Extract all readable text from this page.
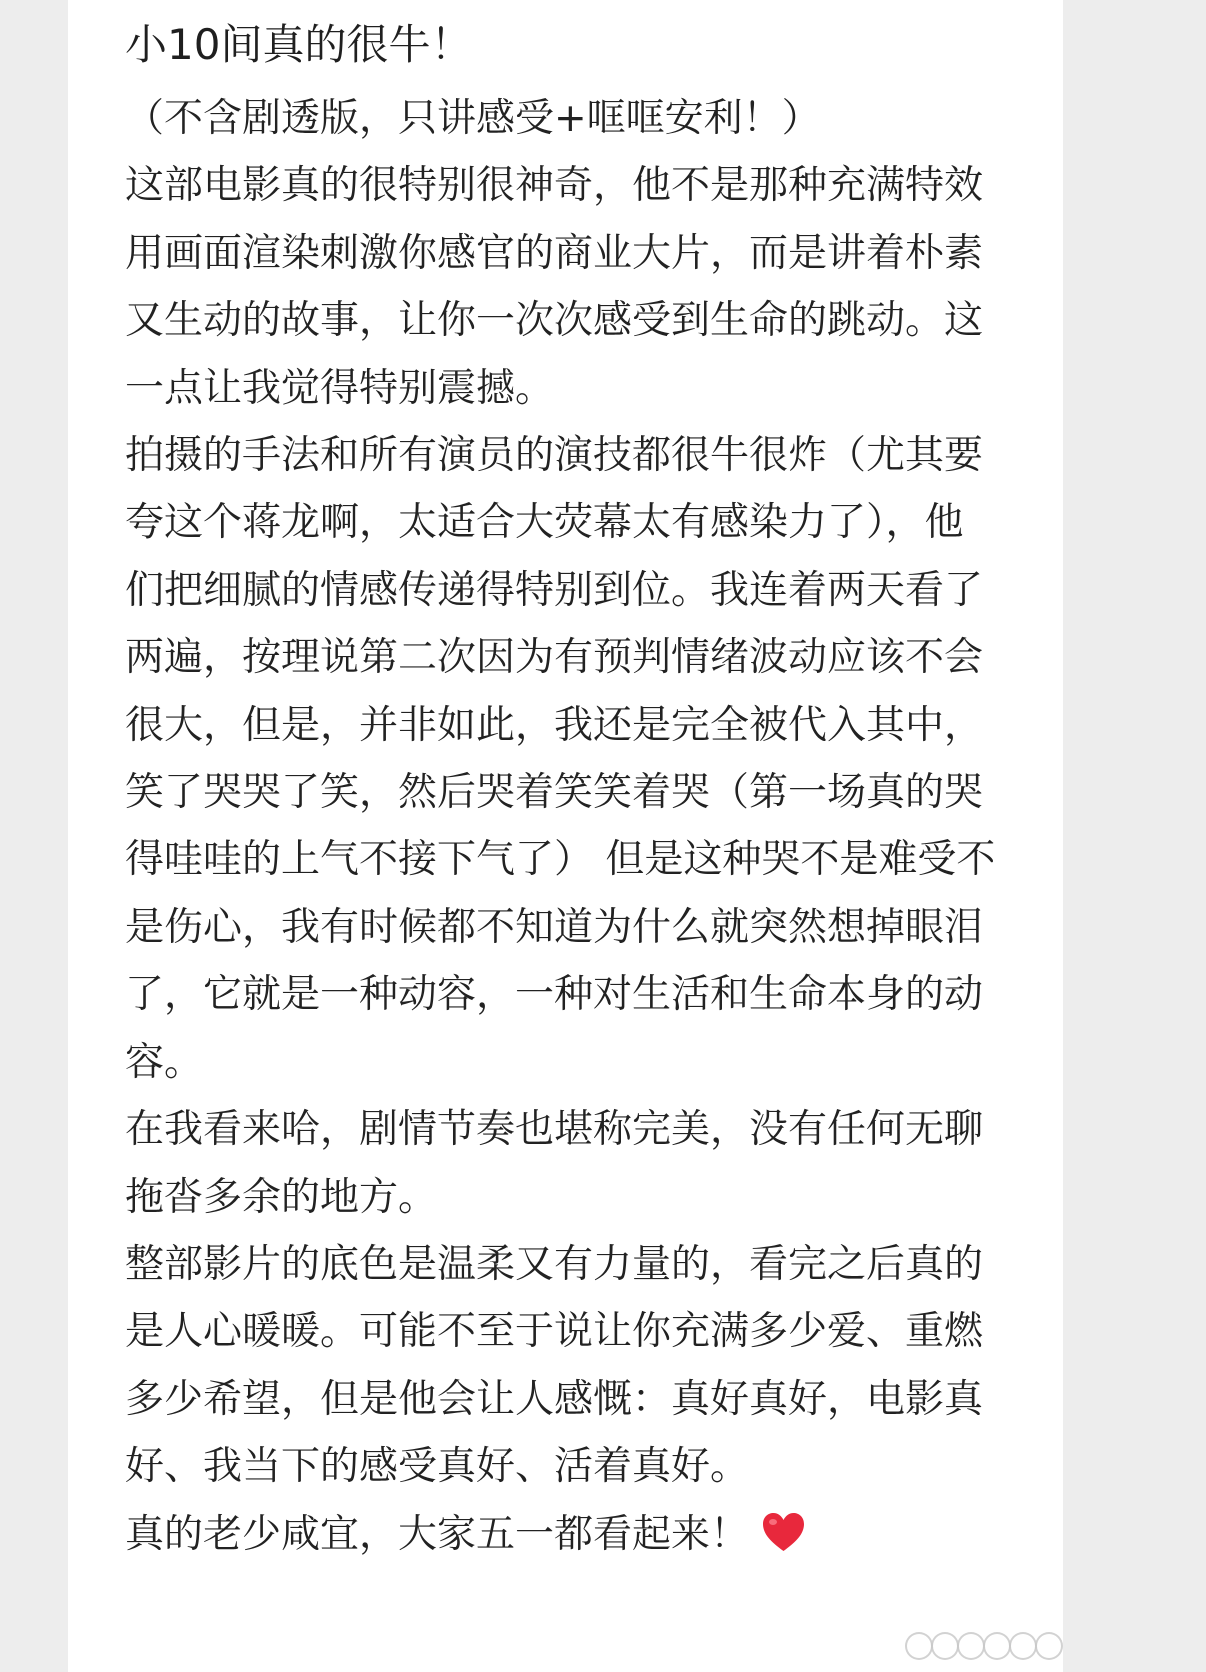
小10间真的很牛！

（不含剧透版，只讲感受+哐哐安利！）

这部电影真的很特别很神奇，他不是那种充满特效

用画面渲染刺激你感官的商业大片，而是讲着朴素

又生动的故事，让你一次次感受到生命的跳动。这

一点让我觉得特别震撼。

拍摄的手法和所有演员的演技都很牛很炸（尤其要

夸这个蒋龙啊，太适合大荧幕太有感染力了），他

们把细腻的情感传递得特别到位。我连着两天看了

两遍，按理说第二次因为有预判情绪波动应该不会

很大，但是，并非如此，我还是完全被代入其中，

笑了哭哭了笑，然后哭着笑笑着哭（第一场真的哭

得哇哇的上气不接下气了） 但是这种哭不是难受不

是伤心，我有时候都不知道为什么就突然想掉眼泪

了，它就是一种动容，一种对生活和生命本身的动

容。

在我看来哈，剧情节奏也堪称完美，没有任何无聊

拖沓多余的地方。

整部影片的底色是温柔又有力量的，看完之后真的

是人心暖暖。可能不至于说让你充满多少爱、重燃

多少希望，但是他会让人感慨：真好真好，电影真

好、我当下的感受真好、活着真好。

真的老少咸宜，大家五一都看起来！
